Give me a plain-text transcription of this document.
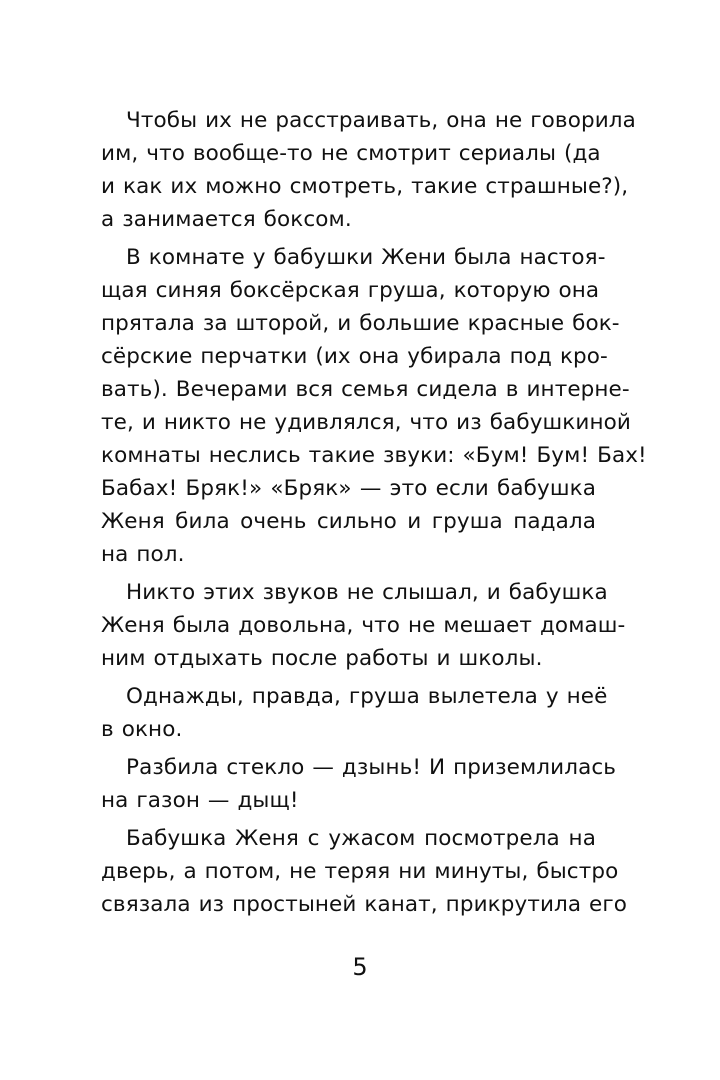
Чтобы их не расстраивать, она не говорила
им, что вообще-то не смотрит сериалы (да
и как их можно смотреть, такие страшные?),
а занимается боксом.
В комнате у бабушки Жени была настоя-
щая синяя боксёрская груша, которую она
прятала за шторой, и большие красные бок-
сёрские перчатки (их она убирала под кро-
вать). Вечерами вся семья сидела в интерне-
те, и никто не удивлялся, что из бабушкиной
комнаты неслись такие звуки: «Бум! Бум! Бах!
Бабах! Бряк!» «Бряк» — это если бабушка
Женя била очень сильно и груша падала
на пол.
Никто этих звуков не слышал, и бабушка
Женя была довольна, что не мешает домаш-
ним отдыхать после работы и школы.
Однажды, правда, груша вылетела у неё
в окно.
Разбила стекло — дзынь! И приземлилась
на газон — дыщ!
Бабушка Женя с ужасом посмотрела на
дверь, а потом, не теряя ни минуты, быстро
связала из простыней канат, прикрутила его
5
